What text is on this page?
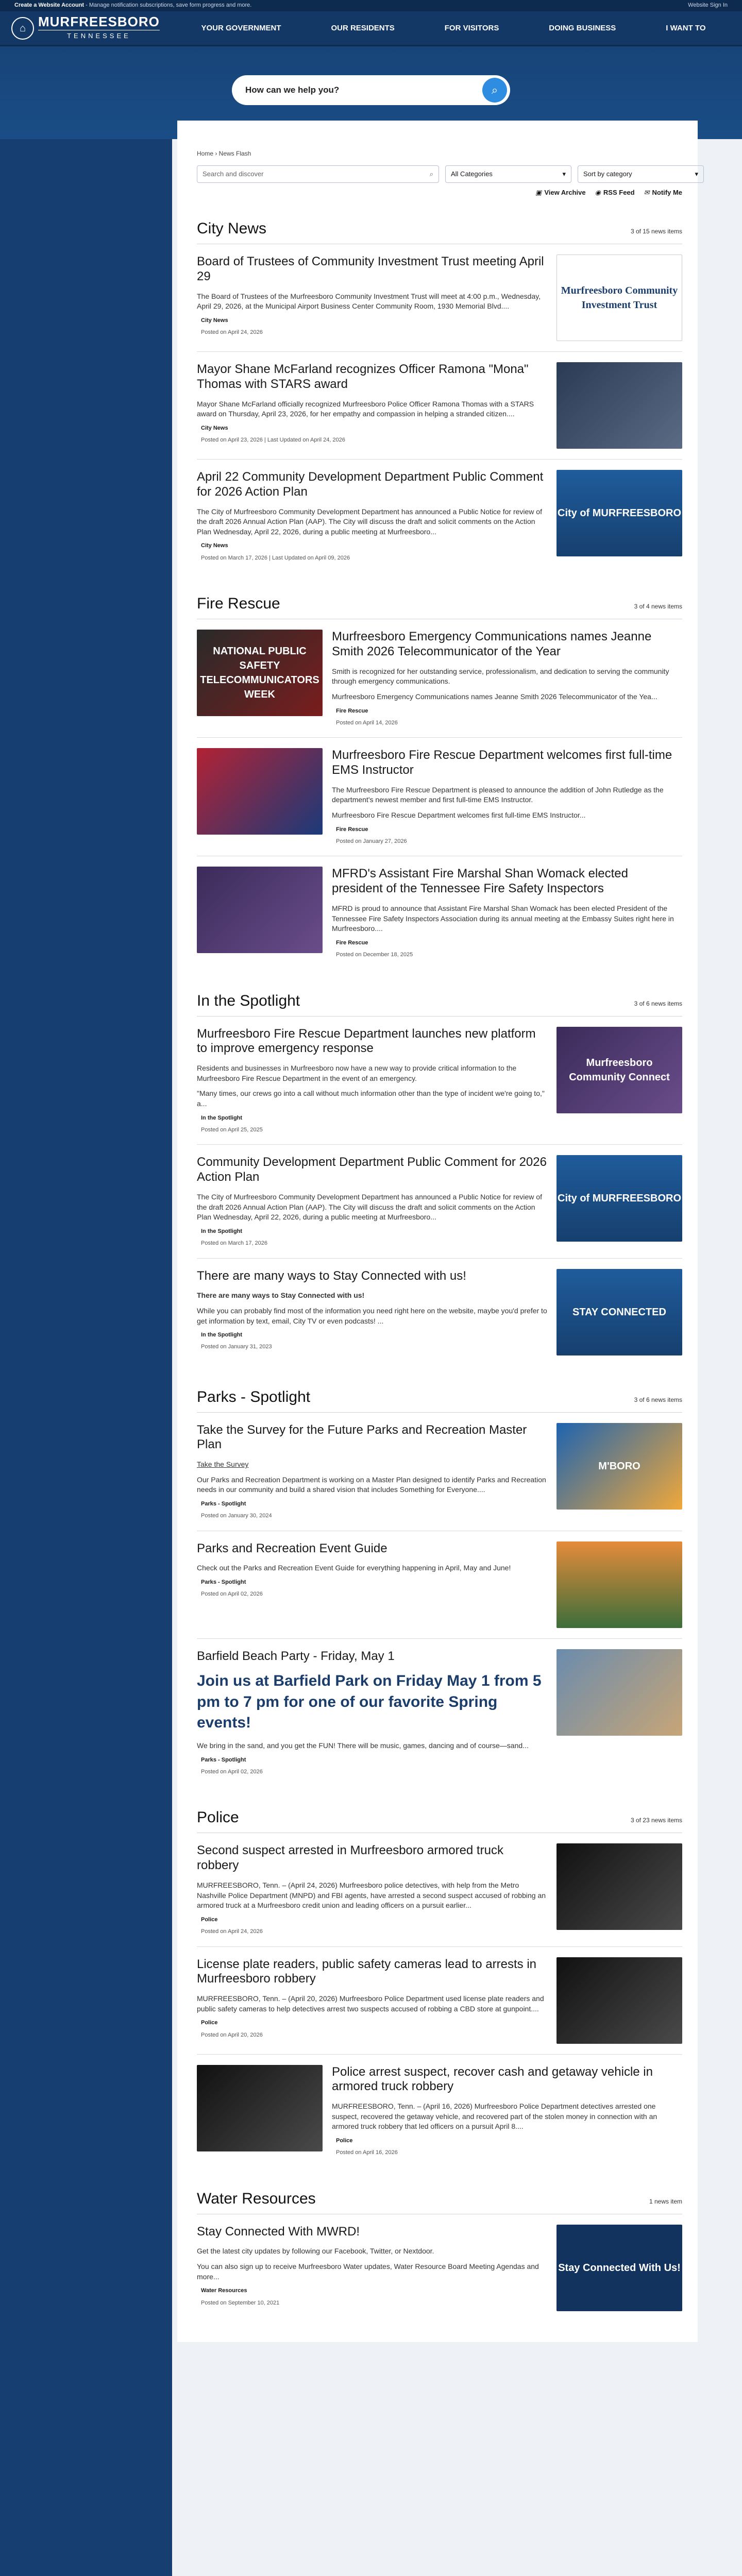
Create a Website Account - Manage notification subscriptions, save form progress and more.	Website Sign In
⌂ MURFREESBORO
TENNESSEE
YOUR GOVERNMENT	OUR RESIDENTS	FOR VISITORS	DOING BUSINESS	I WANT TO
How can we help you?	⌕
Home › News Flash
Search and discover	⌕	All Categories	▾	Sort by category	▾
▣ View Archive ◉ RSS Feed ✉ Notify Me
City News	3 of 15 news items
Board of Trustees of Community Investment Trust meeting April 29

The Board of Trustees of the Murfreesboro Community Investment Trust will meet at 4:00 p.m., Wednesday, April 29, 2026, at the Municipal Airport Business Center Community Room, 1930 Memorial Blvd....

City News
Posted on April 24, 2026
Murfreesboro Community Investment Trust
Mayor Shane McFarland recognizes Officer Ramona "Mona" Thomas with STARS award

Mayor Shane McFarland officially recognized Murfreesboro Police Officer Ramona Thomas with a STARS award on Thursday, April 23, 2026, for her empathy and compassion in helping a stranded citizen....

City News
Posted on April 23, 2026 | Last Updated on April 24, 2026
April 22 Community Development Department Public Comment for 2026 Action Plan

The City of Murfreesboro Community Development Department has announced a Public Notice for review of the draft 2026 Annual Action Plan (AAP). The City will discuss the draft and solicit comments on the Action Plan Wednesday, April 22, 2026, during a public meeting at Murfreesboro...

City News
Posted on March 17, 2026 | Last Updated on April 09, 2026
City of MURFREESBORO
Fire Rescue	3 of 4 news items
Murfreesboro Emergency Communications names Jeanne Smith 2026 Telecommunicator of the Year

Smith is recognized for her outstanding service, professionalism, and dedication to serving the community through emergency communications.

Murfreesboro Emergency Communications names Jeanne Smith 2026 Telecommunicator of the Yea...

Fire Rescue
Posted on April 14, 2026
NATIONAL PUBLIC SAFETY TELECOMMUNICATORS WEEK
Murfreesboro Fire Rescue Department welcomes first full-time EMS Instructor

The Murfreesboro Fire Rescue Department is pleased to announce the addition of John Rutledge as the department's newest member and first full-time EMS Instructor.

Murfreesboro Fire Rescue Department welcomes first full-time EMS Instructor...

Fire Rescue
Posted on January 27, 2026
MFRD's Assistant Fire Marshal Shan Womack elected president of the Tennessee Fire Safety Inspectors

MFRD is proud to announce that Assistant Fire Marshal Shan Womack has been elected President of the Tennessee Fire Safety Inspectors Association during its annual meeting at the Embassy Suites right here in Murfreesboro....

Fire Rescue
Posted on December 18, 2025
In the Spotlight	3 of 6 news items
Murfreesboro Fire Rescue Department launches new platform to improve emergency response

Residents and businesses in Murfreesboro now have a new way to provide critical information to the Murfreesboro Fire Rescue Department in the event of an emergency.

"Many times, our crews go into a call without much information other than the type of incident we're going to," a...

In the Spotlight
Posted on April 25, 2025
Murfreesboro Community Connect
Community Development Department Public Comment for 2026 Action Plan

The City of Murfreesboro Community Development Department has announced a Public Notice for review of the draft 2026 Annual Action Plan (AAP). The City will discuss the draft and solicit comments on the Action Plan Wednesday, April 22, 2026, during a public meeting at Murfreesboro...

In the Spotlight
Posted on March 17, 2026
City of MURFREESBORO
There are many ways to Stay Connected with us!

There are many ways to Stay Connected with us!

While you can probably find most of the information you need right here on the website, maybe you'd prefer to get information by text, email, City TV or even podcasts! ...

In the Spotlight
Posted on January 31, 2023
STAY CONNECTED
Parks - Spotlight	3 of 6 news items
Take the Survey for the Future Parks and Recreation Master Plan

Take the Survey

Our Parks and Recreation Department is working on a Master Plan designed to identify Parks and Recreation needs in our community and build a shared vision that includes Something for Everyone....

Parks - Spotlight
Posted on January 30, 2024
M'BORO
Parks and Recreation Event Guide

Check out the Parks and Recreation Event Guide for everything happening in April, May and June!

Parks - Spotlight
Posted on April 02, 2026
Barfield Beach Party - Friday, May 1
Join us at Barfield Park on Friday May 1 from 5 pm to 7 pm for one of our favorite Spring events!

We bring in the sand, and you get the FUN! There will be music, games, dancing and of course—sand...

Parks - Spotlight
Posted on April 02, 2026
Police	3 of 23 news items
Second suspect arrested in Murfreesboro armored truck robbery

MURFREESBORO, Tenn. – (April 24, 2026) Murfreesboro police detectives, with help from the Metro Nashville Police Department (MNPD) and FBI agents, have arrested a second suspect accused of robbing an armored truck at a Murfreesboro credit union and leading officers on a pursuit earlier...

Police
Posted on April 24, 2026
License plate readers, public safety cameras lead to arrests in Murfreesboro robbery

MURFREESBORO, Tenn. – (April 20, 2026) Murfreesboro Police Department used license plate readers and public safety cameras to help detectives arrest two suspects accused of robbing a CBD store at gunpoint....

Police
Posted on April 20, 2026
Police arrest suspect, recover cash and getaway vehicle in armored truck robbery

MURFREESBORO, Tenn. – (April 16, 2026) Murfreesboro Police Department detectives arrested one suspect, recovered the getaway vehicle, and recovered part of the stolen money in connection with an armored truck robbery that led officers on a pursuit April 8....

Police
Posted on April 16, 2026
Water Resources	1 news item
Stay Connected With MWRD!

Get the latest city updates by following our Facebook, Twitter, or Nextdoor.

You can also sign up to receive Murfreesboro Water updates, Water Resource Board Meeting Agendas and more...

Water Resources
Posted on September 10, 2021
Stay Connected With Us!
